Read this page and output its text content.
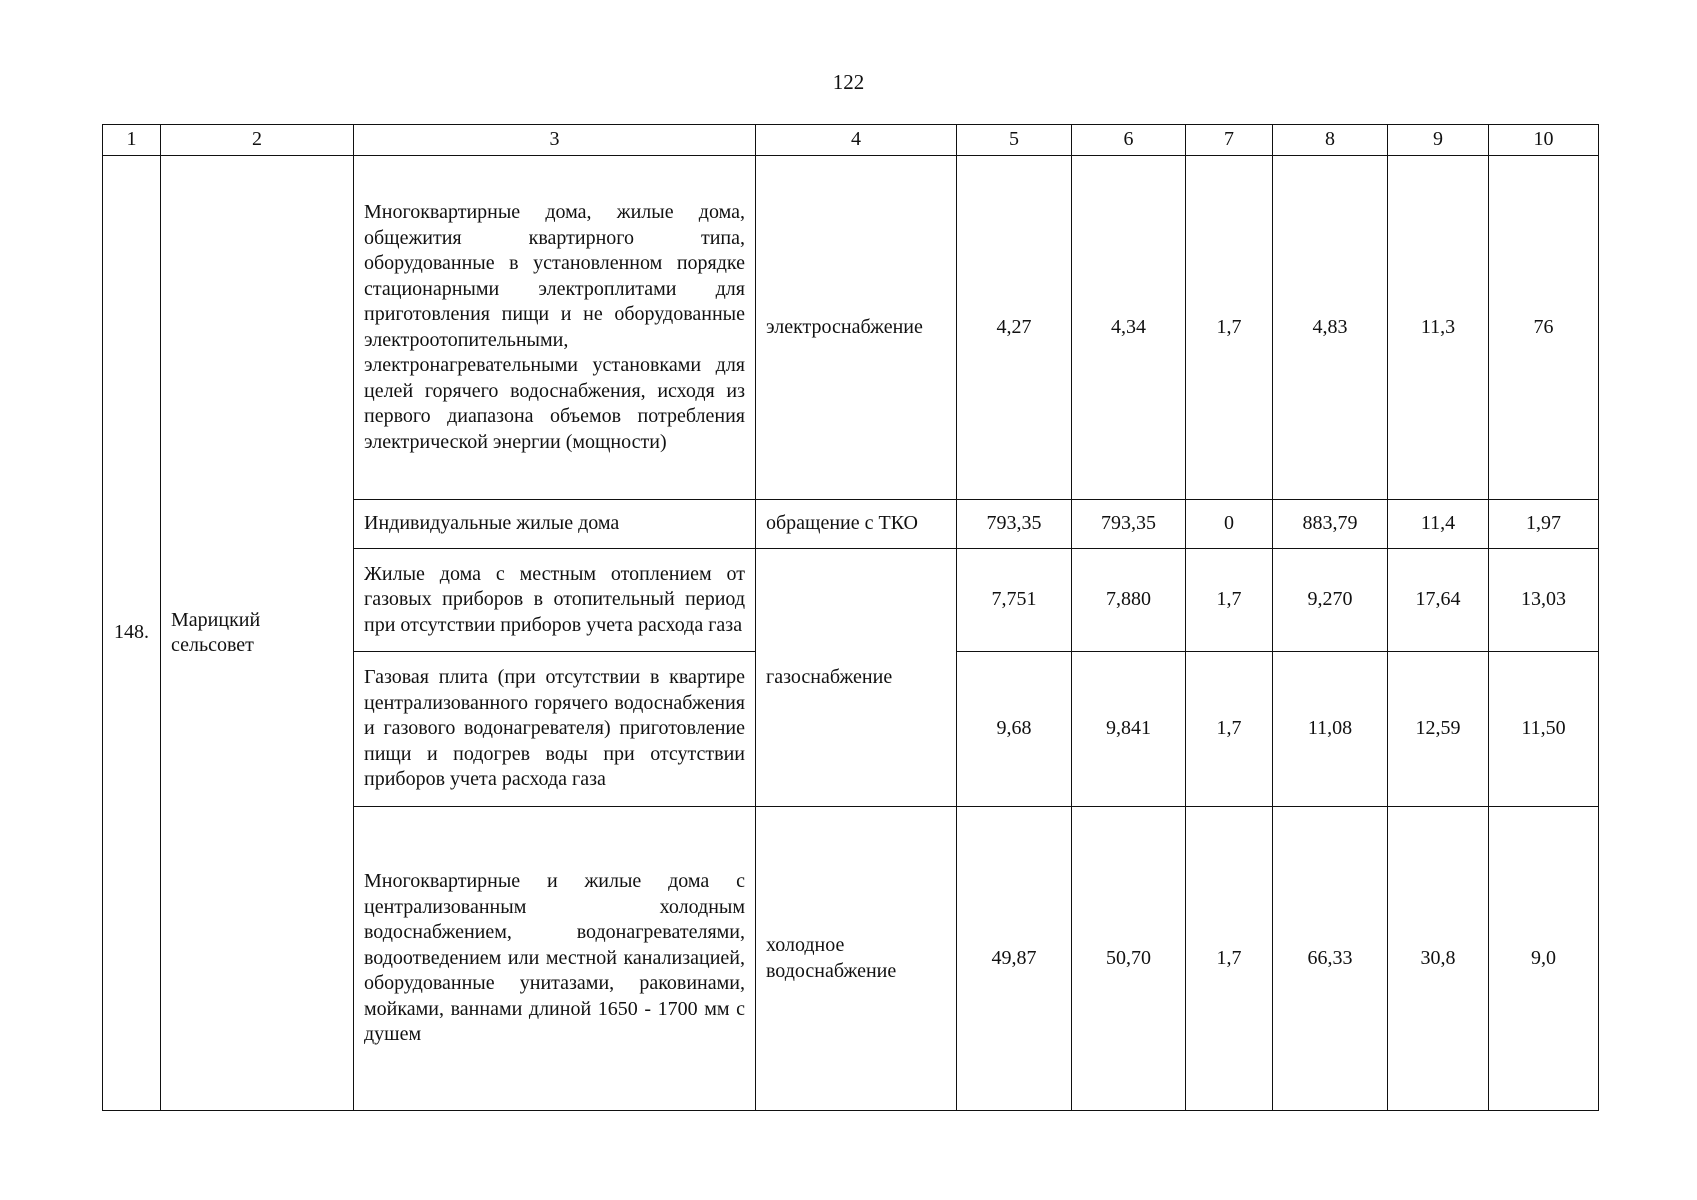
122
1	2	3	4	5	6	7	8	9	10
148.	Марицкий сельсовет	Многоквартирные дома, жилые дома, общежития квартирного типа, оборудованные в установленном порядке стационарными электроплитами для приготовления пищи и не оборудованные электроотопительными, электронагревательными установками для целей горячего водоснабжения, исходя из первого диапазона объемов потребления электрической энергии (мощности)	электроснабжение	4,27	4,34	1,7	4,83	11,3	76
		Индивидуальные жилые дома	обращение с ТКО	793,35	793,35	0	883,79	11,4	1,97
		Жилые дома с местным отоплением от газовых приборов в отопительный период при отсутствии приборов учета расхода газа	газоснабжение	7,751	7,880	1,7	9,270	17,64	13,03
		Газовая плита (при отсутствии в квартире централизованного горячего водоснабжения и газового водонагревателя) приготовление пищи и подогрев воды при отсутствии приборов учета расхода газа		9,68	9,841	1,7	11,08	12,59	11,50
		Многоквартирные и жилые дома с централизованным холодным водоснабжением, водонагревателями, водоотведением или местной канализацией, оборудованные унитазами, раковинами, мойками, ваннами длиной 1650 - 1700 мм с душем	холодное водоснабжение	49,87	50,70	1,7	66,33	30,8	9,0
